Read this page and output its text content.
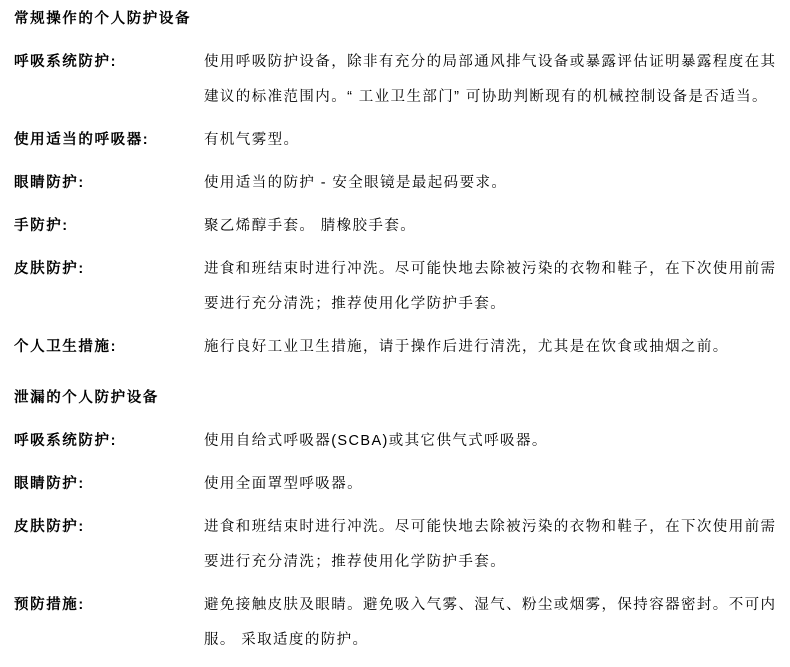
常规操作的个人防护设备
呼吸系统防护:	使用呼吸防护设备，除非有充分的局部通风排气设备或暴露评估证明暴露程度在其建议的标准范围内。“ 工业卫生部门” 可协助判断现有的机械控制设备是否适当。
使用适当的呼吸器:	有机气雾型。
眼睛防护:	使用适当的防护 - 安全眼镜是最起码要求。
手防护:	聚乙烯醇手套。 腈橡胶手套。
皮肤防护:	进食和班结束时进行冲洗。尽可能快地去除被污染的衣物和鞋子，在下次使用前需要进行充分清洗；推荐使用化学防护手套。
个人卫生措施:	施行良好工业卫生措施，请于操作后进行清洗，尤其是在饮食或抽烟之前。
泄漏的个人防护设备
呼吸系统防护:	使用自给式呼吸器(SCBA)或其它供气式呼吸器。
眼睛防护:	使用全面罩型呼吸器。
皮肤防护:	进食和班结束时进行冲洗。尽可能快地去除被污染的衣物和鞋子，在下次使用前需要进行充分清洗；推荐使用化学防护手套。
预防措施:	避免接触皮肤及眼睛。避免吸入气雾、湿气、粉尘或烟雾，保持容器密封。不可内服。 采取适度的防护。
